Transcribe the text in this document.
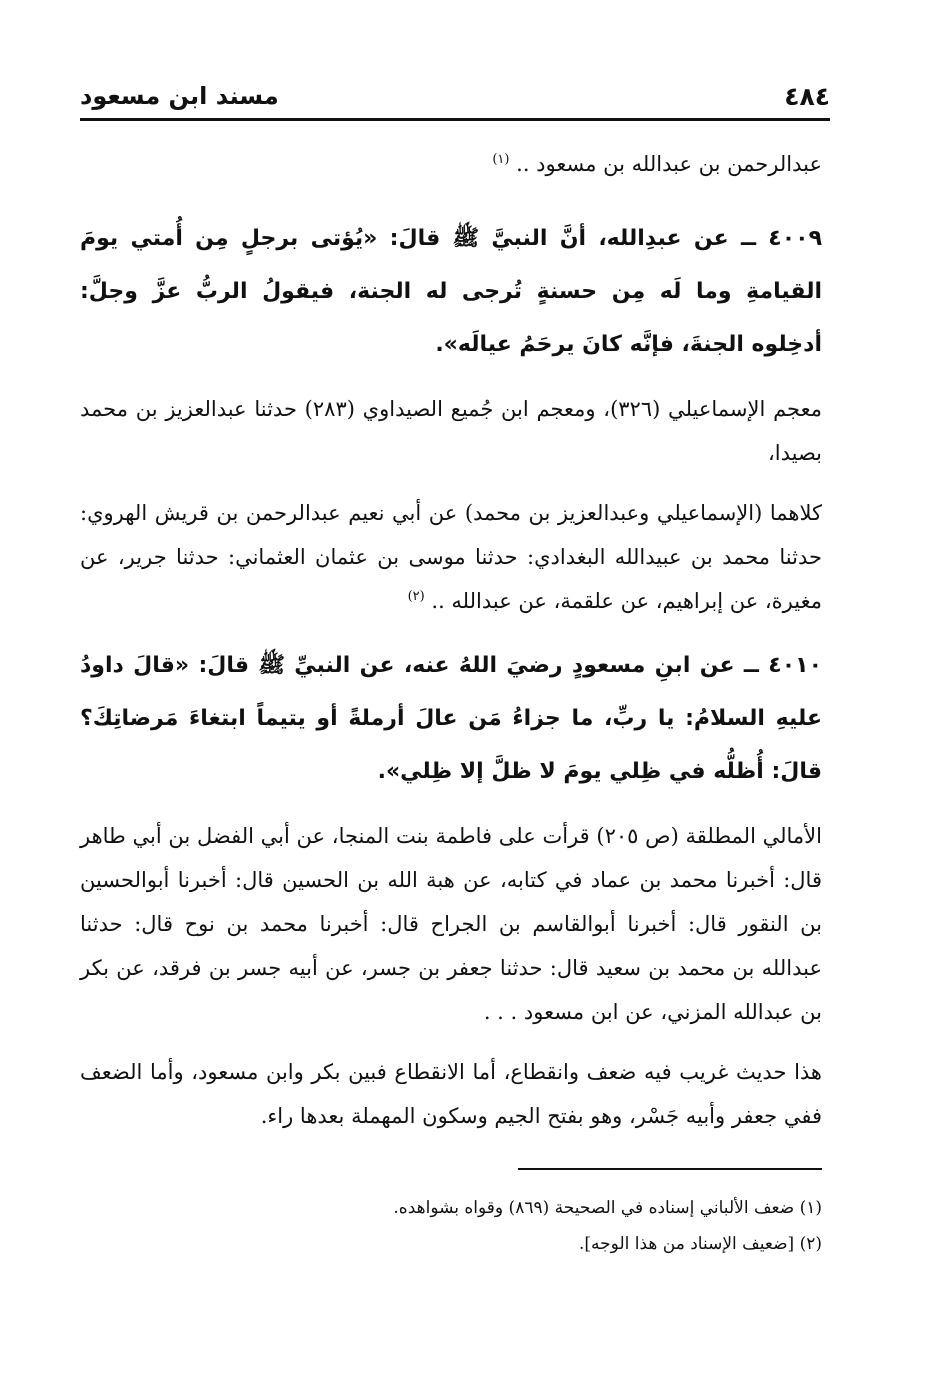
٤٨٤
مسند ابن مسعود

عبدالرحمن بن عبدالله بن مسعود .. $^{(١)}$

٤٠٠٩ ــ عن عبدِالله، أنَّ النبيَّ ﷺ قالَ: «يُؤتى برجلٍ مِن أُمتي يومَ القيامةِ وما لَه مِن حسنةٍ تُرجى له الجنة، فيقولُ الربُّ عزَّ وجلَّ: أدخِلوه الجنةَ، فإنَّه كانَ يرحَمُ عيالَه».

معجم الإسماعيلي (٣٢٦)، ومعجم ابن جُميع الصيداوي (٢٨٣) حدثنا عبدالعزيز بن محمد بصيدا،

كلاهما (الإسماعيلي وعبدالعزيز بن محمد) عن أبي نعيم عبدالرحمن بن قريش الهروي: حدثنا محمد بن عبيدالله البغدادي: حدثنا موسى بن عثمان العثماني: حدثنا جرير، عن مغيرة، عن إبراهيم، عن علقمة، عن عبدالله .. $^{(٢)}$

٤٠١٠ ــ عن ابنِ مسعودٍ رضيَ اللهُ عنه، عن النبيِّ ﷺ قالَ: «قالَ داودُ عليهِ السلامُ: يا ربِّ، ما جزاءُ مَن عالَ أرملةً أو يتيماً ابتغاءَ مَرضاتِكَ؟ قالَ: أُظلُّه في ظِلي يومَ لا ظلَّ إلا ظِلي».

الأمالي المطلقة (ص ٢٠٥) قرأت على فاطمة بنت المنجا، عن أبي الفضل بن أبي طاهر قال: أخبرنا محمد بن عماد في كتابه، عن هبة الله بن الحسين قال: أخبرنا أبوالحسين بن النقور قال: أخبرنا أبوالقاسم بن الجراح قال: أخبرنا محمد بن نوح قال: حدثنا عبدالله بن محمد بن سعيد قال: حدثنا جعفر بن جسر، عن أبيه جسر بن فرقد، عن بكر بن عبدالله المزني، عن ابن مسعود . . .

هذا حديث غريب فيه ضعف وانقطاع، أما الانقطاع فبين بكر وابن مسعود، وأما الضعف ففي جعفر وأبيه جَسْر، وهو بفتح الجيم وسكون المهملة بعدها راء.

(١) ضعف الألباني إسناده في الصحيحة (٨٦٩) وقواه بشواهده.
(٢) [ضعيف الإسناد من هذا الوجه].
